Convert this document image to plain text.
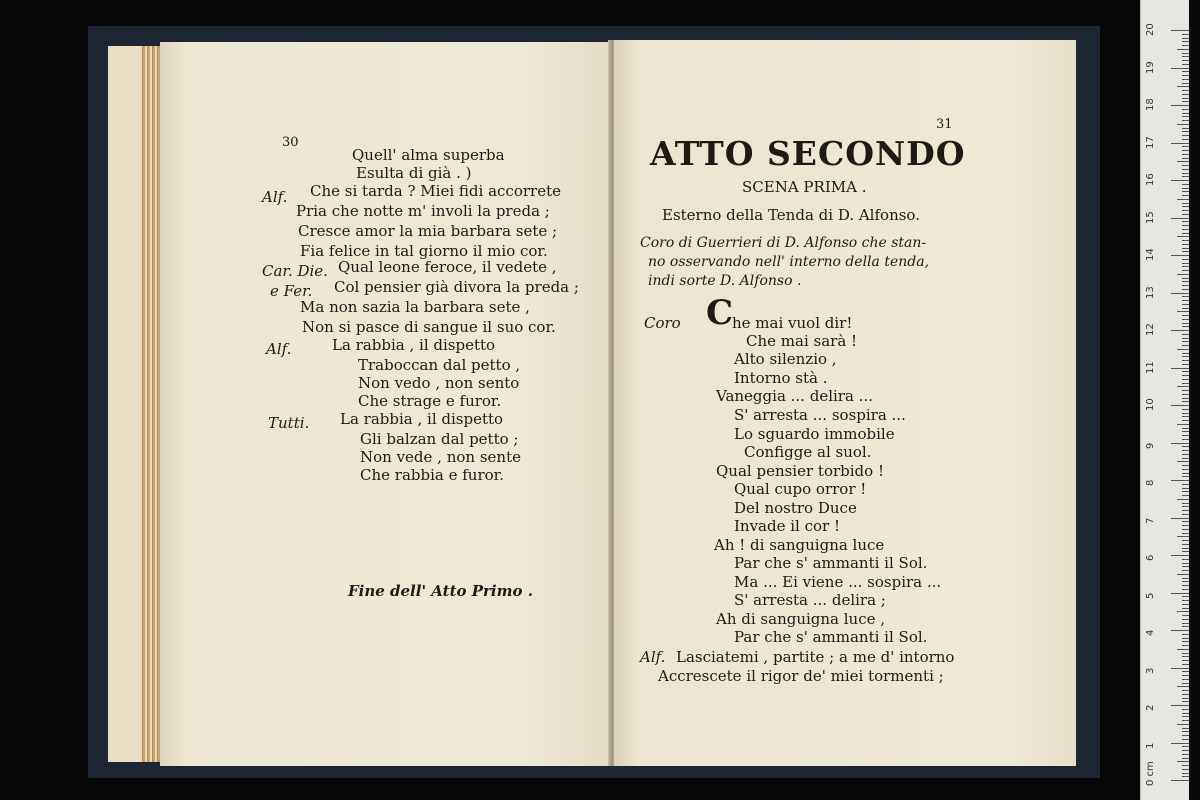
30
Quell' alma superba
Esulta di già . )
Alf. Che si tarda ? Miei fidi accorrete
Pria che notte m' involi la preda ;
Cresce amor la mia barbara sete ;
Fia felice in tal giorno il mio cor.
Car. Die. Qual leone feroce, il vedete ,
e Fer. Col pensier già divora la preda ;
Ma non sazia la barbara sete ,
Non si pasce di sangue il suo cor.
Alf.	La rabbia , il dispetto
Traboccan dal petto ,
Non vedo , non sento
Che strage e furor.
Tutti. La rabbia , il dispetto
Gli balzan dal petto ;
Non vede , non sente
Che rabbia e furor.
Fine dell' Atto Primo .
31
ATTO SECONDO
SCENA PRIMA .
Esterno della Tenda di D. Alfonso.
Coro di Guerrieri di D. Alfonso che stan-
no osservando nell' interno della tenda,
indi sorte D. Alfonso .
Coro C
he mai vuol dir!
Che mai sarà !
Alto silenzio ,
Intorno stà .
Vaneggia ... delira ...
S' arresta ... sospira ...
Lo sguardo immobile
Configge al suol.
Qual pensier torbido !
Qual cupo orror !
Del nostro Duce
Invade il cor !
Ah ! di sanguigna luce
Par che s' ammanti il Sol.
Ma ... Ei viene ... sospira ...
S' arresta ... delira ;
Ah di sanguigna luce ,
Par che s' ammanti il Sol.
Alf. Lasciatemi , partite ; a me d' intorno
Accrescete il rigor de' miei tormenti ;
0 cm
1
2
3
4
5
6
7
8
9
10
11
12
13
14
15
16
17
18
19
20
